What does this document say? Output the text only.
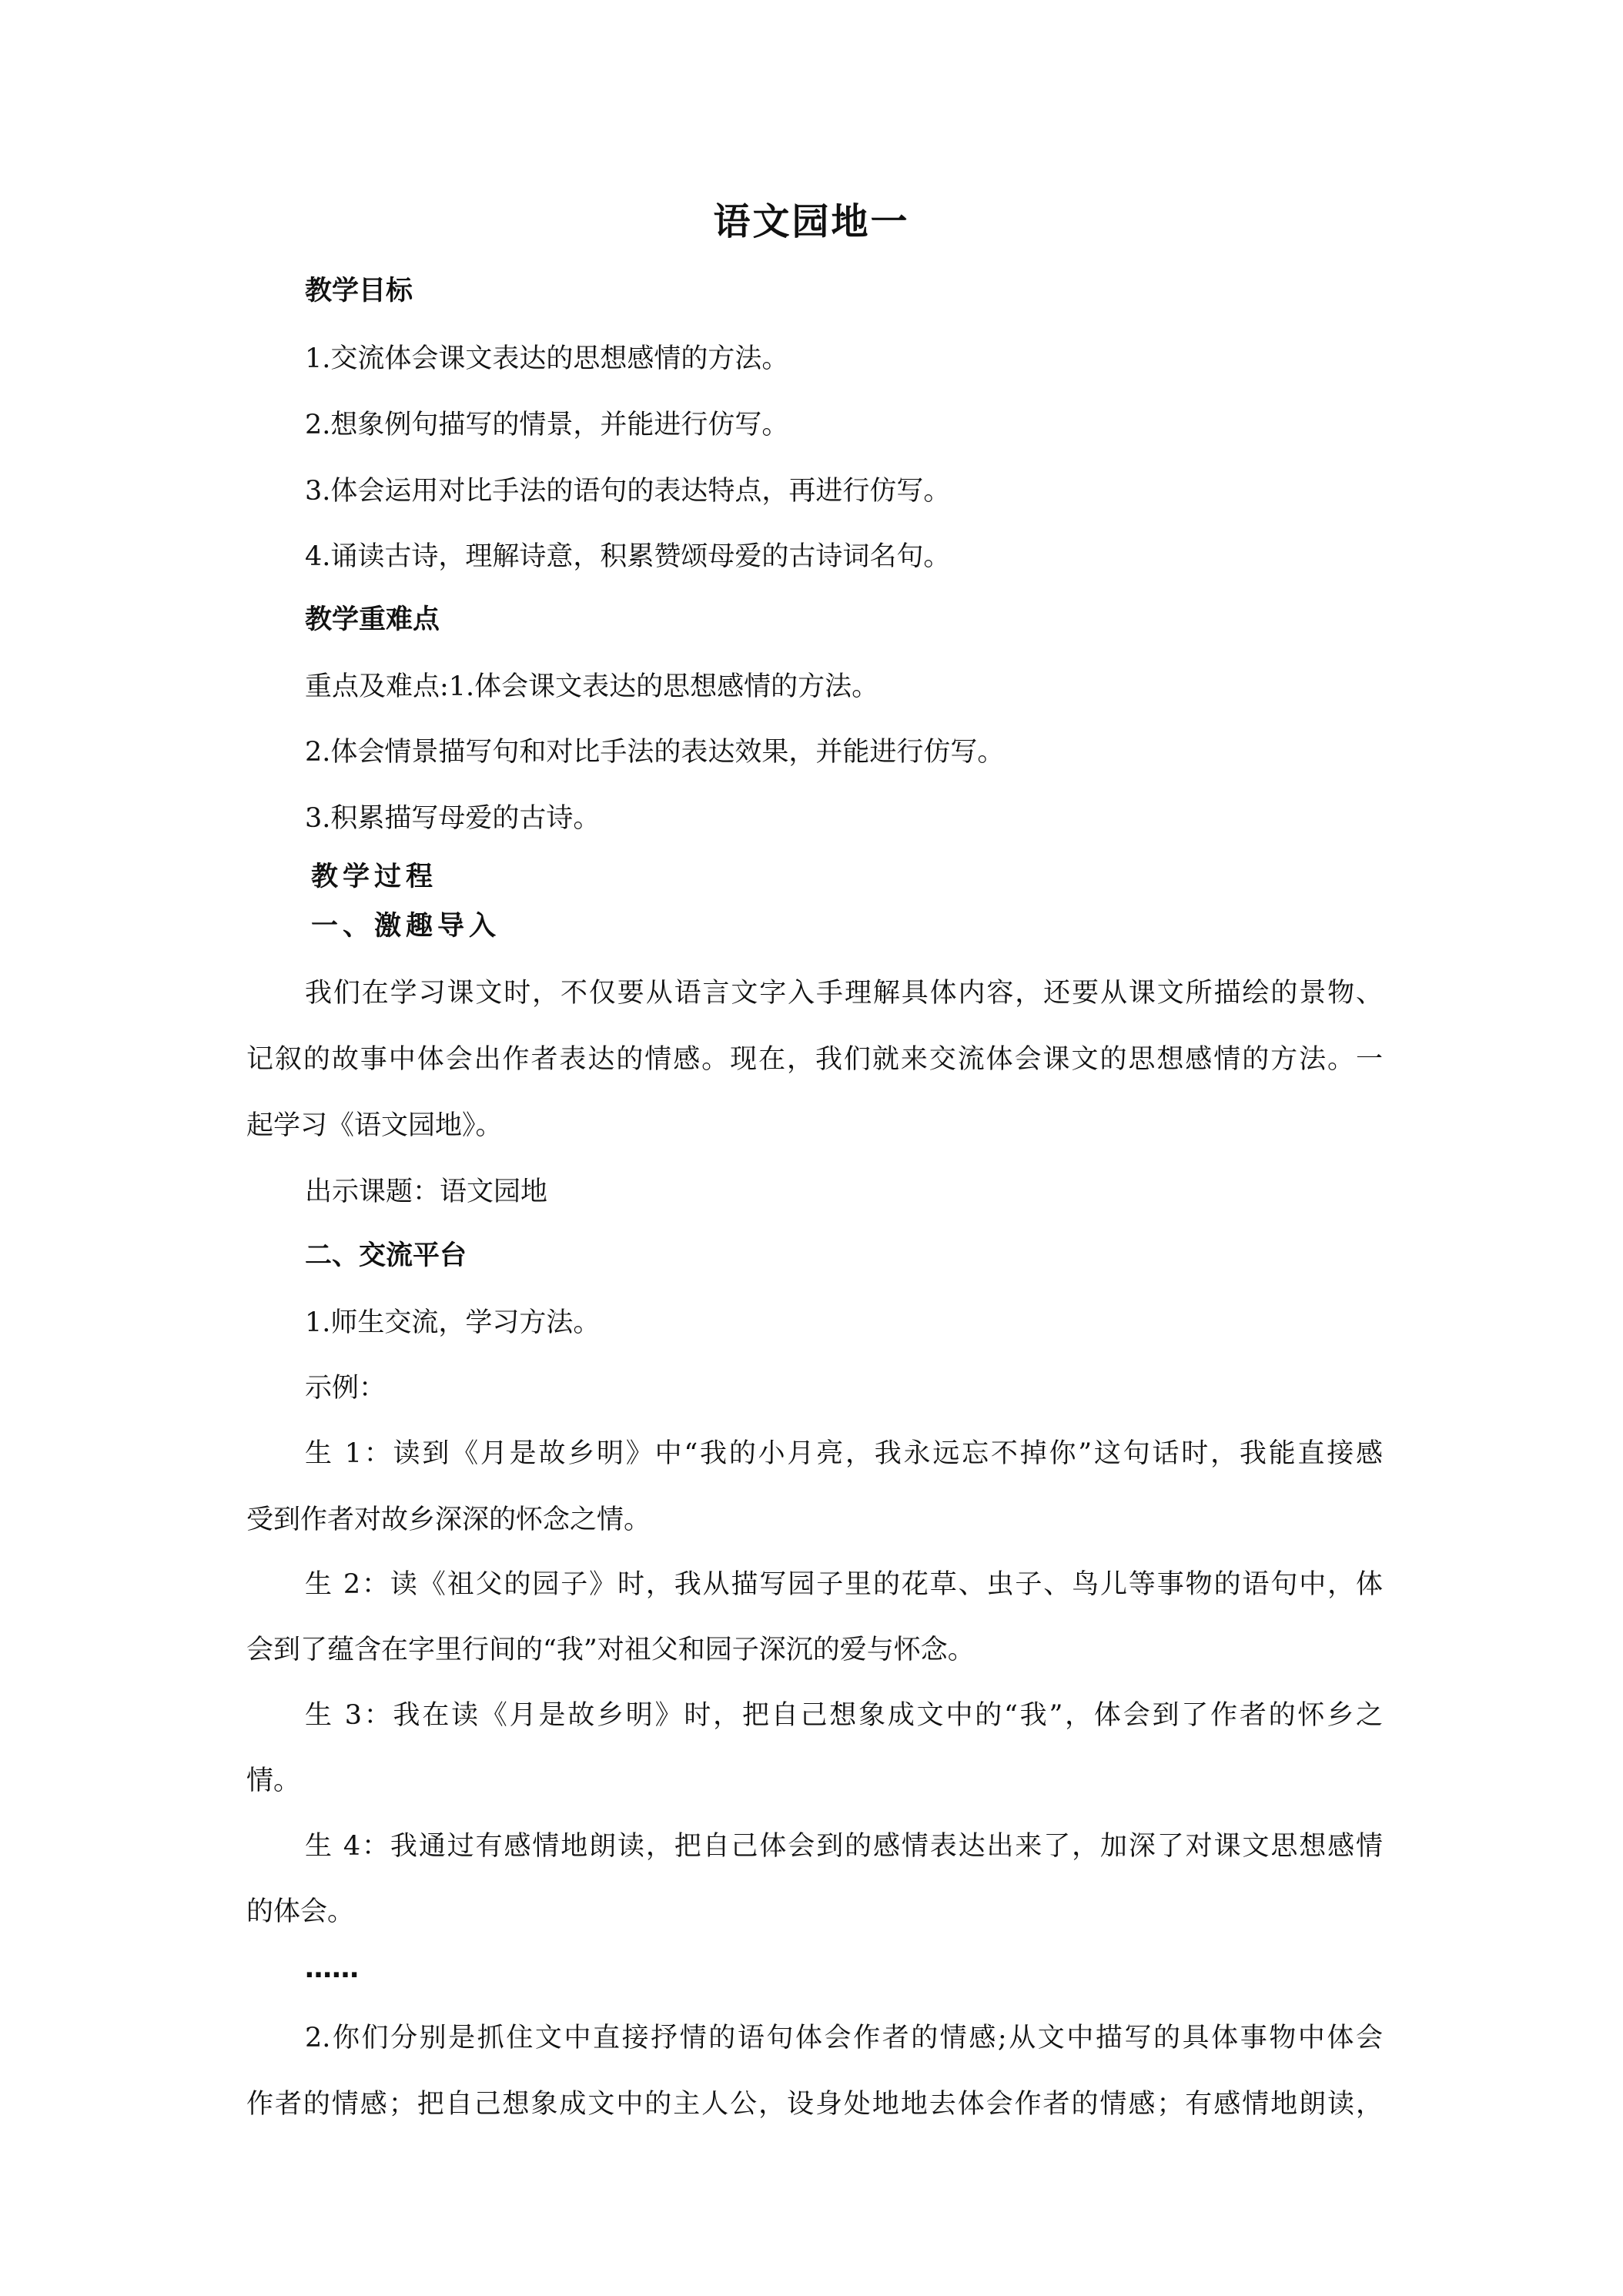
语文园地一
教学目标
1.交流体会课文表达的思想感情的方法。
2.想象例句描写的情景，并能进行仿写。
3.体会运用对比手法的语句的表达特点，再进行仿写。
4.诵读古诗，理解诗意，积累赞颂母爱的古诗词名句。
教学重难点
重点及难点:1.体会课文表达的思想感情的方法。
2.体会情景描写句和对比手法的表达效果，并能进行仿写。
3.积累描写母爱的古诗。
教学过程
一、激趣导入
我们在学习课文时，不仅要从语言文字入手理解具体内容，还要从课文所描绘的景物、
记叙的故事中体会出作者表达的情感。现在，我们就来交流体会课文的思想感情的方法。一
起学习《语文园地》。
出示课题：语文园地
二、交流平台
1.师生交流，学习方法。
示例：
生 1：读到《月是故乡明》中“我的小月亮，我永远忘不掉你”这句话时，我能直接感
受到作者对故乡深深的怀念之情。
生 2：读《祖父的园子》时，我从描写园子里的花草、虫子、鸟儿等事物的语句中，体
会到了蕴含在字里行间的“我”对祖父和园子深沉的爱与怀念。
生 3：我在读《月是故乡明》时，把自己想象成文中的“我”，体会到了作者的怀乡之
情。
生 4：我通过有感情地朗读，把自己体会到的感情表达出来了，加深了对课文思想感情
的体会。
……
2.你们分别是抓住文中直接抒情的语句体会作者的情感;从文中描写的具体事物中体会
作者的情感；把自己想象成文中的主人公，设身处地地去体会作者的情感；有感情地朗读，
